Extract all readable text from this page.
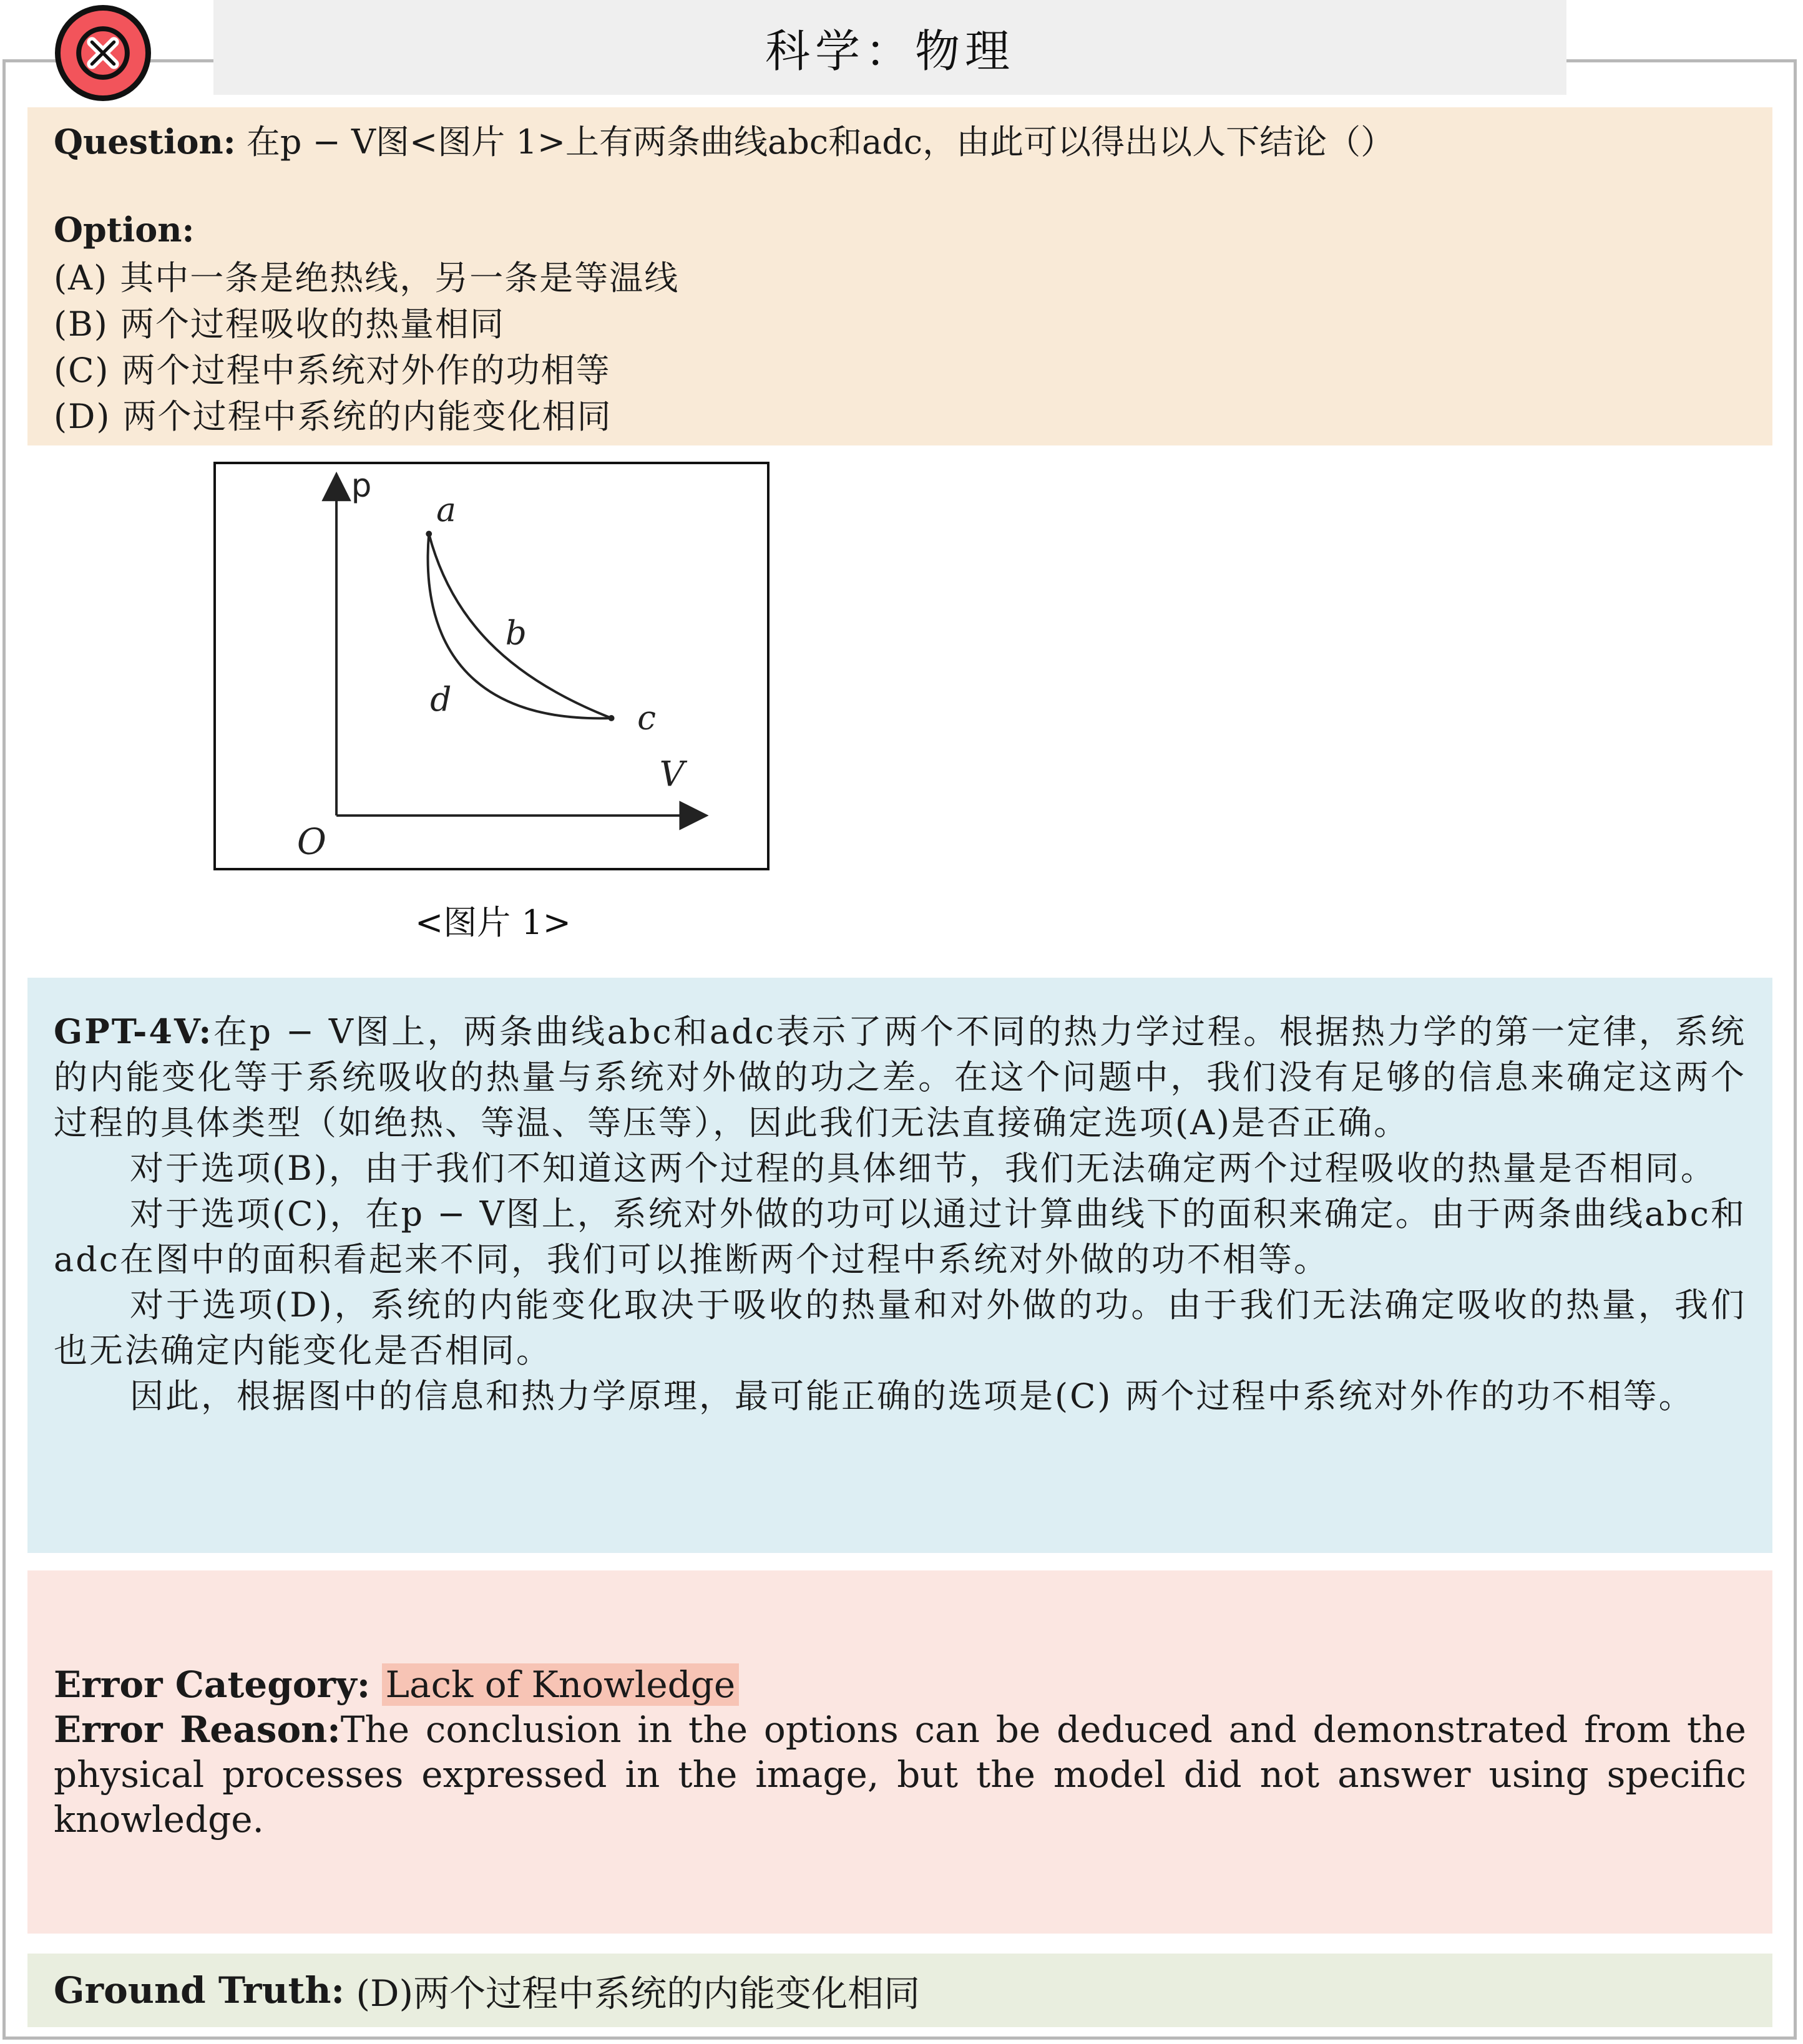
科学：物理
Question: 在p − V图<图片 1>上有两条曲线abc和adc，由此可以得出以人下结论（）
Option:
(A) 其中一条是绝热线，另一条是等温线
(B) 两个过程吸收的热量相同
(C) 两个过程中系统对外作的功相等
(D) 两个过程中系统的内能变化相同
p
V
O
a
b
c
d
<图片 1>

GPT-4V:在p − V图上，两条曲线abc和adc表示了两个不同的热力学过程。根据热力学的第一定律，系统的内能变化等于系统吸收的热量与系统对外做的功之差。在这个问题中，我们没有足够的信息来确定这两个过程的具体类型（如绝热、等温、等压等），因此我们无法直接确定选项(A)是否正确。

对于选项(B)，由于我们不知道这两个过程的具体细节，我们无法确定两个过程吸收的热量是否相同。

对于选项(C)，在p − V图上，系统对外做的功可以通过计算曲线下的面积来确定。由于两条曲线abc和adc在图中的面积看起来不同，我们可以推断两个过程中系统对外做的功不相等。

对于选项(D)，系统的内能变化取决于吸收的热量和对外做的功。由于我们无法确定吸收的热量，我们也无法确定内能变化是否相同。

因此，根据图中的信息和热力学原理，最可能正确的选项是(C) 两个过程中系统对外作的功不相等。

Error Category: Lack of Knowledge
Error Reason:The conclusion in the options can be deduced and demonstrated from the physical processes expressed in the image, but the model did not answer using specific knowledge.
Ground Truth:
(D)两个过程中系统的内能变化相同
